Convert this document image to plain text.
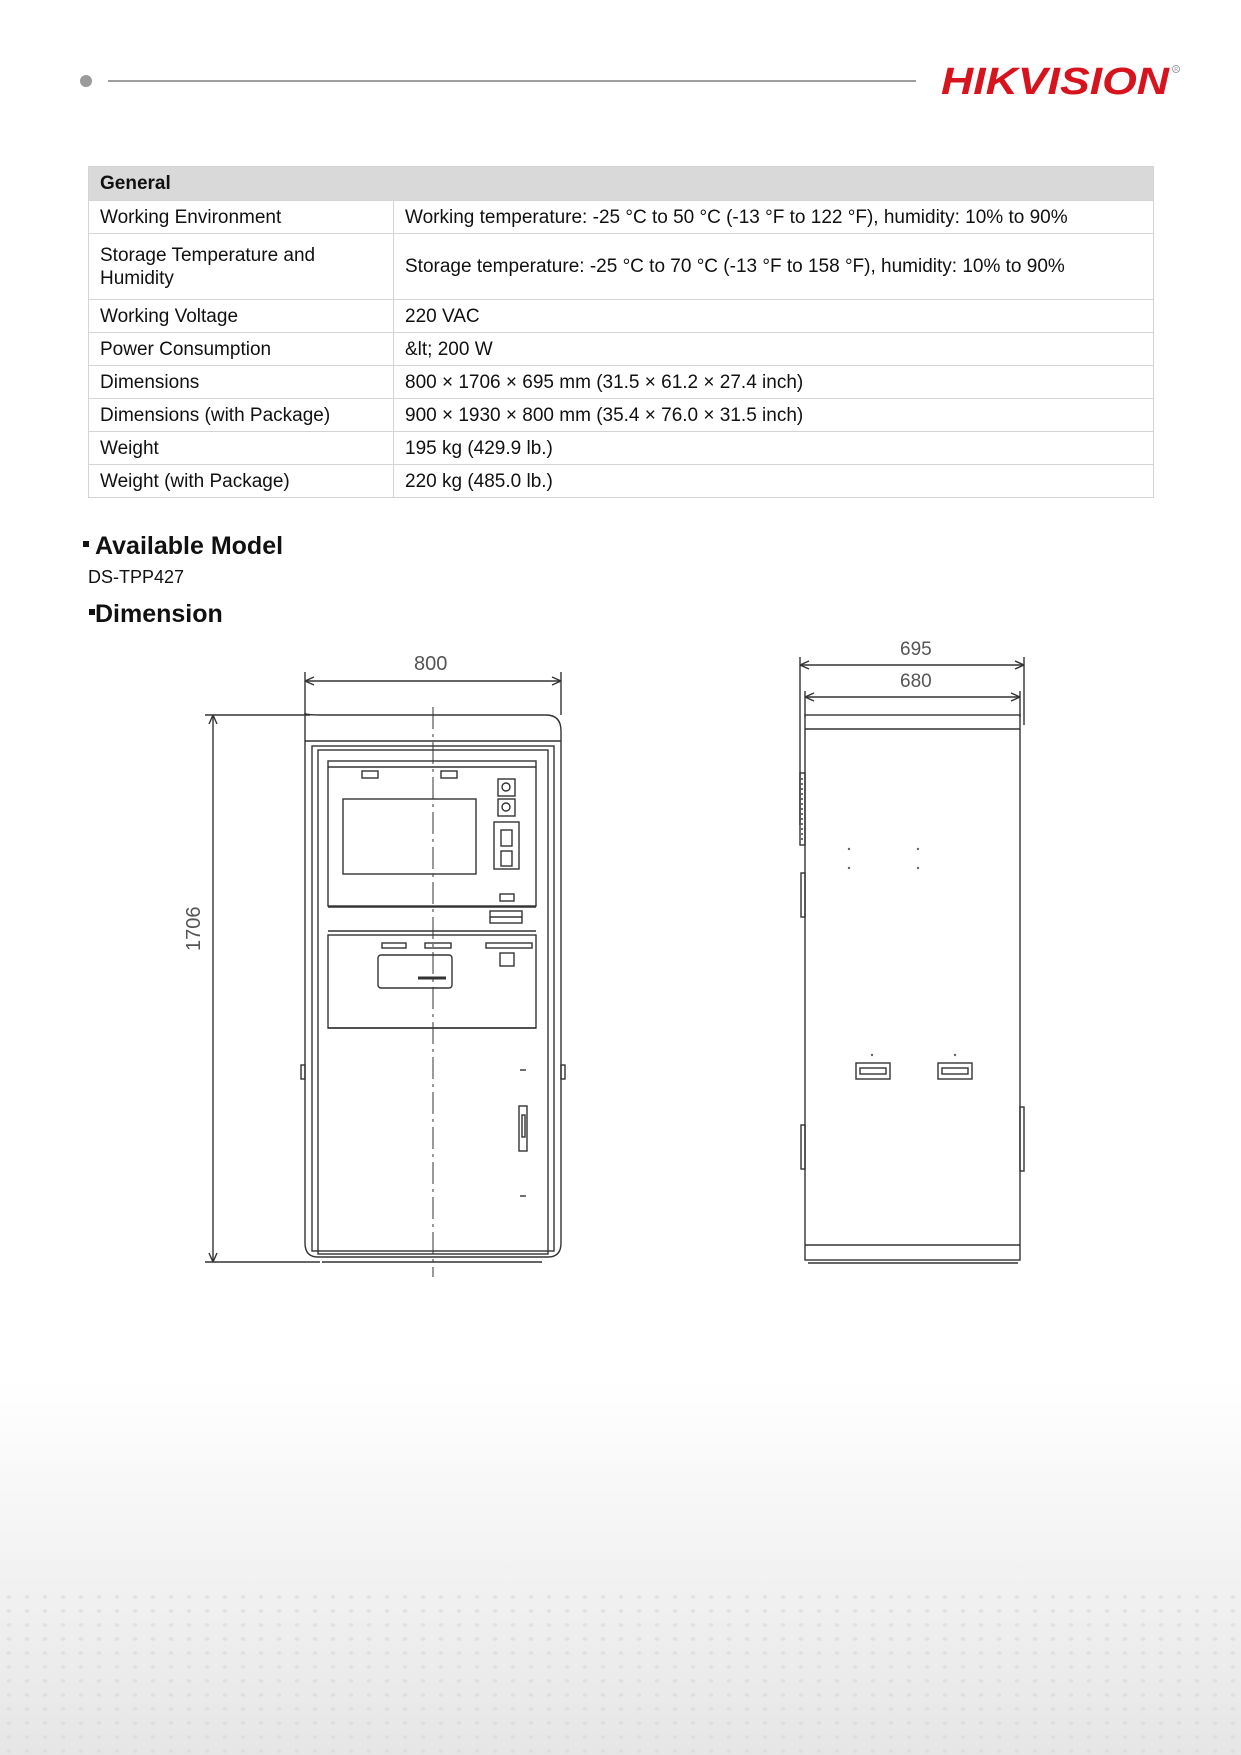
HIKVISION R
General	
Working Environment	Working temperature: -25 °C to 50 °C (-13 °F to 122 °F), humidity: 10% to 90%
Storage Temperature and Humidity	Storage temperature: -25 °C to 70 °C (-13 °F to 158 °F), humidity: 10% to 90%
Working Voltage	220 VAC
Power Consumption	&lt; 200 W
Dimensions	800 × 1706 × 695 mm (31.5 × 61.2 × 27.4 inch)
Dimensions (with Package)	900 × 1930 × 800 mm (35.4 × 76.0 × 31.5 inch)
Weight	195 kg (429.9 lb.)
Weight (with Package)	220 kg (485.0 lb.)
Available Model
DS-TPP427
Dimension
800
1706
695
680
